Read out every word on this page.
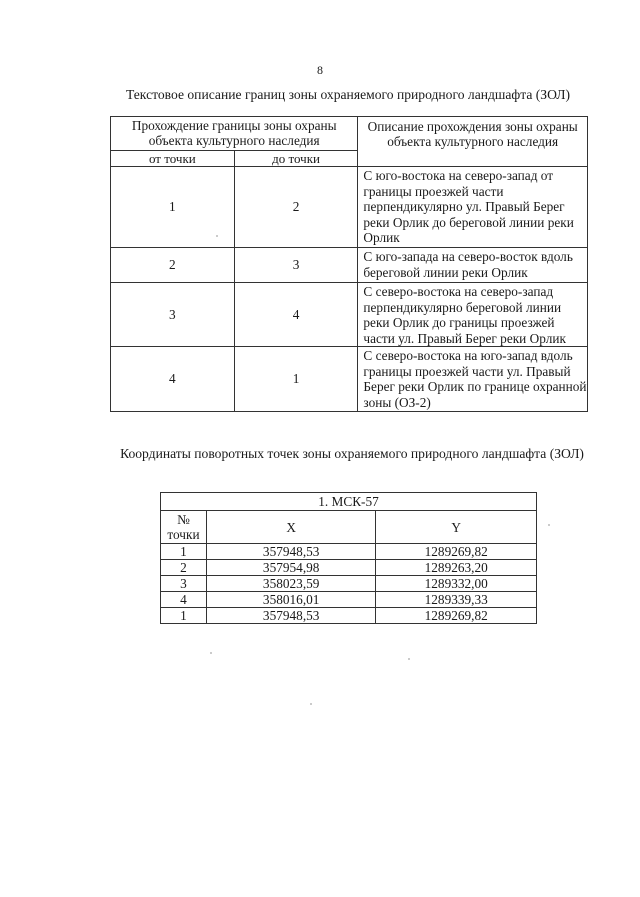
8
Текстовое описание границ зоны охраняемого природного ландшафта (ЗОЛ)
Прохождение границы зоны охраны объекта культурного наследия		Описание прохождения зоны охраны объекта культурного наследия
от точки	до точки	
1	2	С юго-востока на северо-запад от границы проезжей части перпендикулярно ул. Правый Берег реки Орлик до береговой линии реки Орлик
2	3	С юго-запада на северо-восток вдоль береговой линии реки Орлик
3	4	С северо-востока на северо-запад перпендикулярно береговой линии реки Орлик до границы проезжей части ул. Правый Берег реки Орлик
4	1	С северо-востока на юго-запад вдоль границы проезжей части ул. Правый Берег реки Орлик по границе охранной зоны (ОЗ-2)
Координаты поворотных точек зоны охраняемого природного ландшафта (ЗОЛ)
1. МСК-57		
№ точки	X	Y
1	357948,53	1289269,82
2	357954,98	1289263,20
3	358023,59	1289332,00
4	358016,01	1289339,33
1	357948,53	1289269,82
